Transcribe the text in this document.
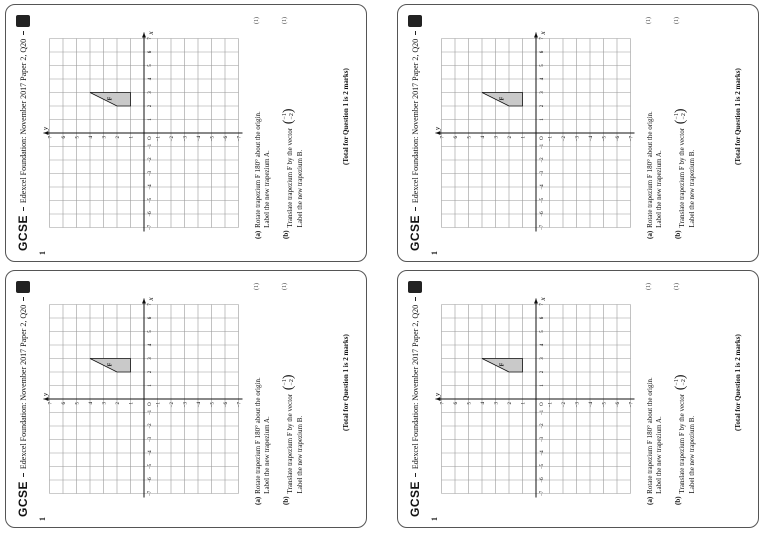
GCSE
Edexcel Foundation: November 2017 Paper 2, Q20
1
x
y
−7
−6
−5
−4
−3
−2
−1
O
1
2
3
4
5
6
7
−7
−6
−5
−4
−3
−2
−1
1
2
3
4
5
6
7
F
(a)
Rotate trapezium F 180° about the origin. Label the new trapezium A.
(1)
(b)
Translate trapezium F by the vector
(
−1 −2
)
Label the new trapezium B.
(1)
(Total for Question 1 is 2 marks)
GCSE
Edexcel Foundation: November 2017 Paper 2, Q20
1
x
y
−7
−6
−5
−4
−3
−2
−1
O
1
2
3
4
5
6
7
−7
−6
−5
−4
−3
−2
−1
1
2
3
4
5
6
7
F
(a)
Rotate trapezium F 180° about the origin. Label the new trapezium A.
(1)
(b)
Translate trapezium F by the vector
(
−1 −2
)
Label the new trapezium B.
(1)
(Total for Question 1 is 2 marks)
GCSE
Edexcel Foundation: November 2017 Paper 2, Q20
1
x
y
−7
−6
−5
−4
−3
−2
−1
O
1
2
3
4
5
6
7
−7
−6
−5
−4
−3
−2
−1
1
2
3
4
5
6
7
F
(a)
Rotate trapezium F 180° about the origin. Label the new trapezium A.
(1)
(b)
Translate trapezium F by the vector
(
−1 −2
)
Label the new trapezium B.
(1)
(Total for Question 1 is 2 marks)
GCSE
Edexcel Foundation: November 2017 Paper 2, Q20
1
x
y
−7
−6
−5
−4
−3
−2
−1
O
1
2
3
4
5
6
7
−7
−6
−5
−4
−3
−2
−1
1
2
3
4
5
6
7
F
(a)
Rotate trapezium F 180° about the origin. Label the new trapezium A.
(1)
(b)
Translate trapezium F by the vector
(
−1 −2
)
Label the new trapezium B.
(1)
(Total for Question 1 is 2 marks)
